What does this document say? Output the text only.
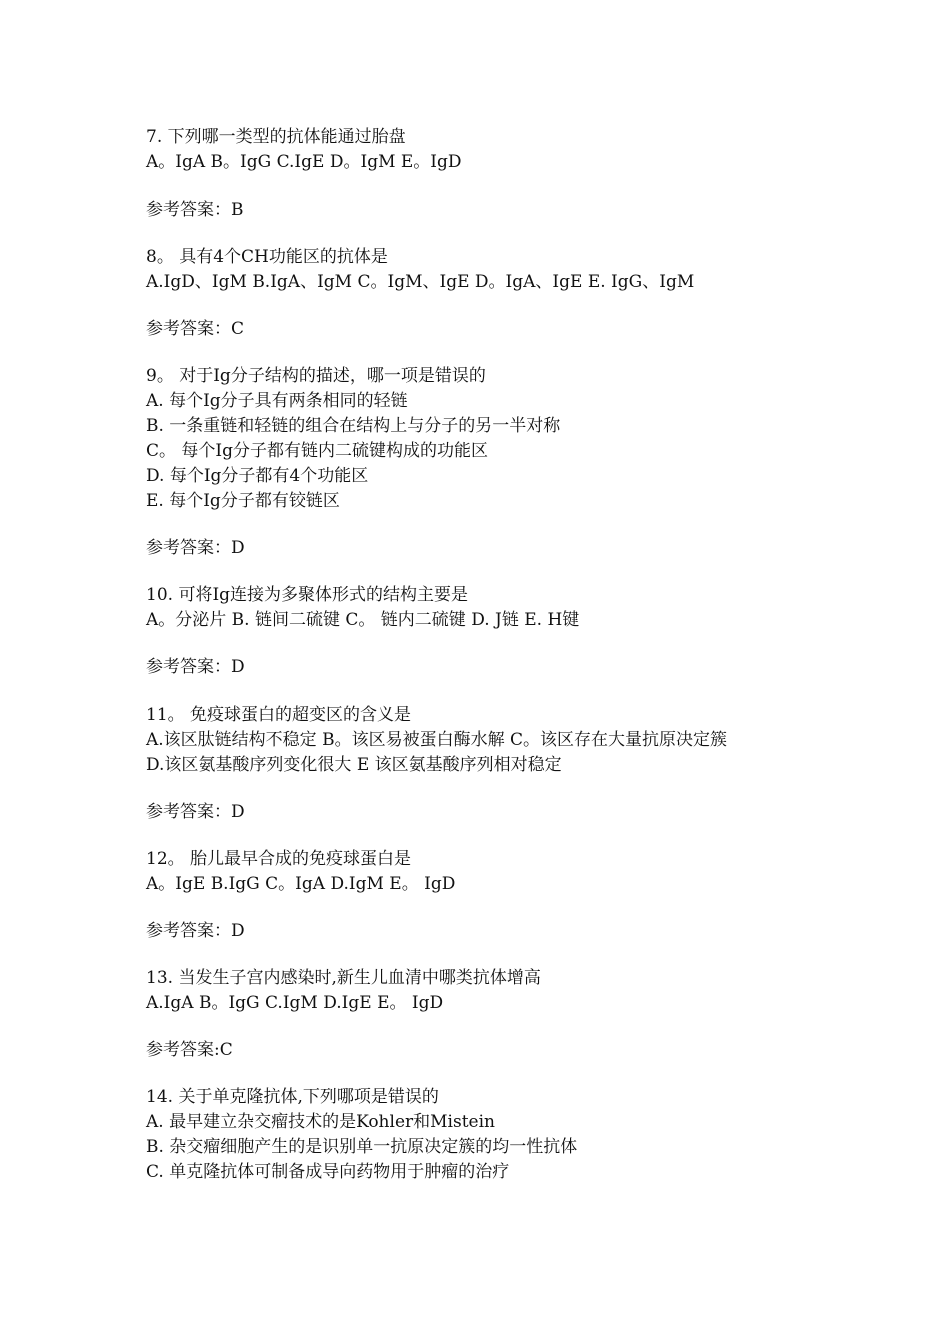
7. 下列哪一类型的抗体能通过胎盘

A。IgA B。IgG C.IgE D。IgM E。IgD

参考答案：B

8。 具有4个CH功能区的抗体是

A.IgD、IgM B.IgA、IgM C。IgM、IgE D。IgA、IgE E. IgG、IgM

参考答案：C

9。 对于Ig分子结构的描述，哪一项是错误的

A. 每个Ig分子具有两条相同的轻链

B. 一条重链和轻链的组合在结构上与分子的另一半对称

C。 每个Ig分子都有链内二硫键构成的功能区

D. 每个Ig分子都有4个功能区

E. 每个Ig分子都有铰链区

参考答案：D

10. 可将Ig连接为多聚体形式的结构主要是

A。分泌片 B. 链间二硫键 C。 链内二硫键 D. J链 E. H键

参考答案：D

11。 免疫球蛋白的超变区的含义是

A.该区肽链结构不稳定 B。该区易被蛋白酶水解 C。该区存在大量抗原决定簇

D.该区氨基酸序列变化很大 E 该区氨基酸序列相对稳定

参考答案：D

12。 胎儿最早合成的免疫球蛋白是

A。IgE B.IgG C。IgA D.IgM E。 IgD

参考答案：D

13. 当发生子宫内感染时,新生儿血清中哪类抗体增高

A.IgA B。IgG C.IgM D.IgE E。 IgD

参考答案:C

14. 关于单克隆抗体,下列哪项是错误的

A. 最早建立杂交瘤技术的是Kohler和Mistein

B. 杂交瘤细胞产生的是识别单一抗原决定簇的均一性抗体

C. 单克隆抗体可制备成导向药物用于肿瘤的治疗
